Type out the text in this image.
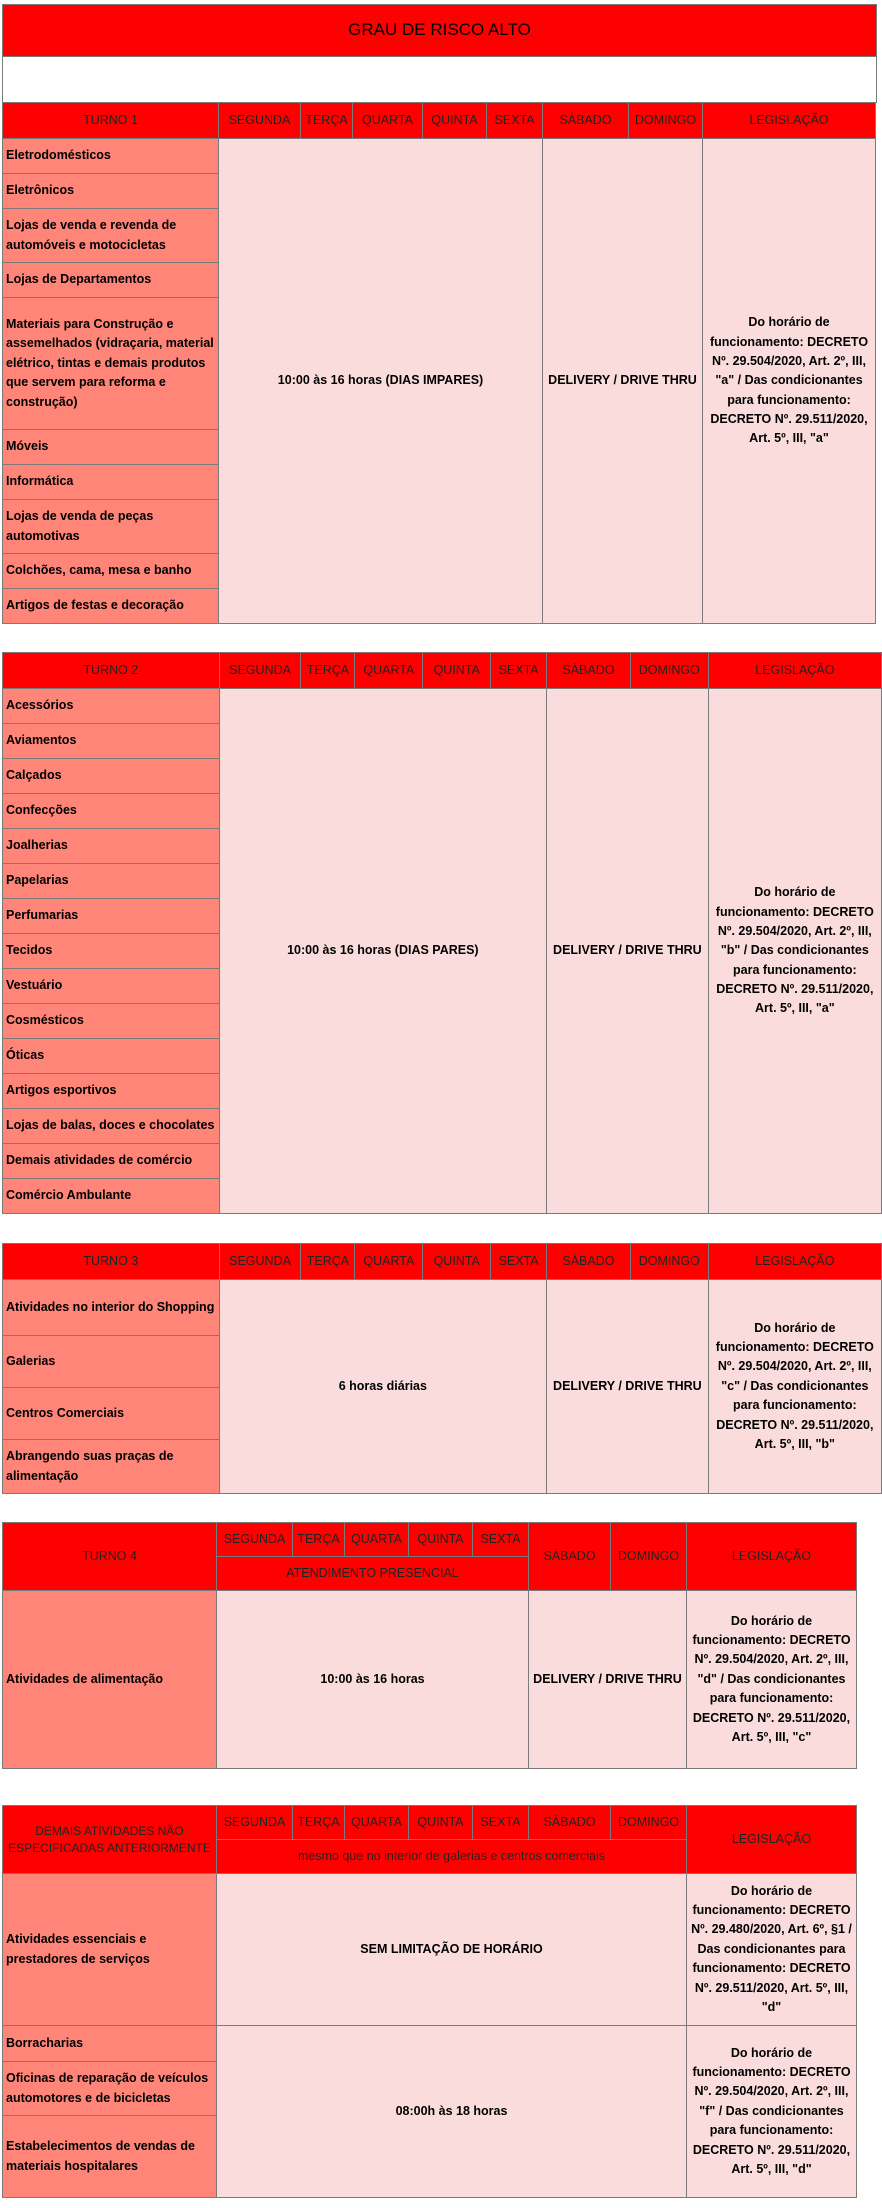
GRAU DE RISCO ALTO

TURNO 1	SEGUNDA	TERÇA	QUARTA	QUINTA	SEXTA	SÁBADO	DOMINGO	LEGISLAÇÃO
Eletrodomésticos	10:00 às 16 horas (DIAS IMPARES)					DELIVERY / DRIVE THRU		Do horário de funcionamento: DECRETO Nº. 29.504/2020, Art. 2º, III, "a" / Das condicionantes para funcionamento: DECRETO Nº. 29.511/2020, Art. 5º, III, "a"
Eletrônicos								
Lojas de venda e revenda de automóveis e motocicletas								
Lojas de Departamentos								
Materiais para Construção e assemelhados (vidraçaria, material elétrico, tintas e demais produtos que servem para reforma e construção)								
Móveis								
Informática								
Lojas de venda de peças automotivas								
Colchões, cama, mesa e banho								
Artigos de festas e decoração								
TURNO 2	SEGUNDA	TERÇA	QUARTA	QUINTA	SEXTA	SÁBADO	DOMINGO	LEGISLAÇÃO
Acessórios	10:00 às 16 horas (DIAS PARES)					DELIVERY / DRIVE THRU		Do horário de funcionamento: DECRETO Nº. 29.504/2020, Art. 2º, III, "b" / Das condicionantes para funcionamento: DECRETO Nº. 29.511/2020, Art. 5º, III, "a"
Aviamentos								
Calçados								
Confecções								
Joalherias								
Papelarias								
Perfumarias								
Tecidos								
Vestuário								
Cosmésticos								
Óticas								
Artigos esportivos								
Lojas de balas, doces e chocolates								
Demais atividades de comércio								
Comércio Ambulante								
TURNO 3	SEGUNDA	TERÇA	QUARTA	QUINTA	SEXTA	SÁBADO	DOMINGO	LEGISLAÇÃO
Atividades no interior do Shopping	6 horas diárias					DELIVERY / DRIVE THRU		Do horário de funcionamento: DECRETO Nº. 29.504/2020, Art. 2º, III, "c" / Das condicionantes para funcionamento: DECRETO Nº. 29.511/2020, Art. 5º, III, "b"
Galerias								
Centros Comerciais								
Abrangendo suas praças de alimentação								
TURNO 4	SEGUNDA	TERÇA	QUARTA	QUINTA	SEXTA	SÁBADO	DOMINGO	LEGISLAÇÃO
	ATENDIMENTO PRESENCIAL							
Atividades de alimentação	10:00 às 16 horas					DELIVERY / DRIVE THRU		Do horário de funcionamento: DECRETO Nº. 29.504/2020, Art. 2º, III, "d" / Das condicionantes para funcionamento: DECRETO Nº. 29.511/2020, Art. 5º, III, "c"
DEMAIS ATIVIDADES NÃO ESPECIFICADAS ANTERIORMENTE	SEGUNDA	TERÇA	QUARTA	QUINTA	SEXTA	SÁBADO	DOMINGO	LEGISLAÇÃO
	mesmo que no interior de galerias e centros comerciais							
Atividades essenciais e prestadores de serviços	SEM LIMITAÇÃO DE HORÁRIO							Do horário de funcionamento: DECRETO Nº. 29.480/2020, Art. 6º, §1 / Das condicionantes para funcionamento: DECRETO Nº. 29.511/2020, Art. 5º, III, "d"
Borracharias	08:00h às 18 horas							Do horário de funcionamento: DECRETO Nº. 29.504/2020, Art. 2º, III, "f" / Das condicionantes para funcionamento: DECRETO Nº. 29.511/2020, Art. 5º, III, "d"
Oficinas de reparação de veículos automotores e de bicicletas								
Estabelecimentos de vendas de materiais hospitalares								
